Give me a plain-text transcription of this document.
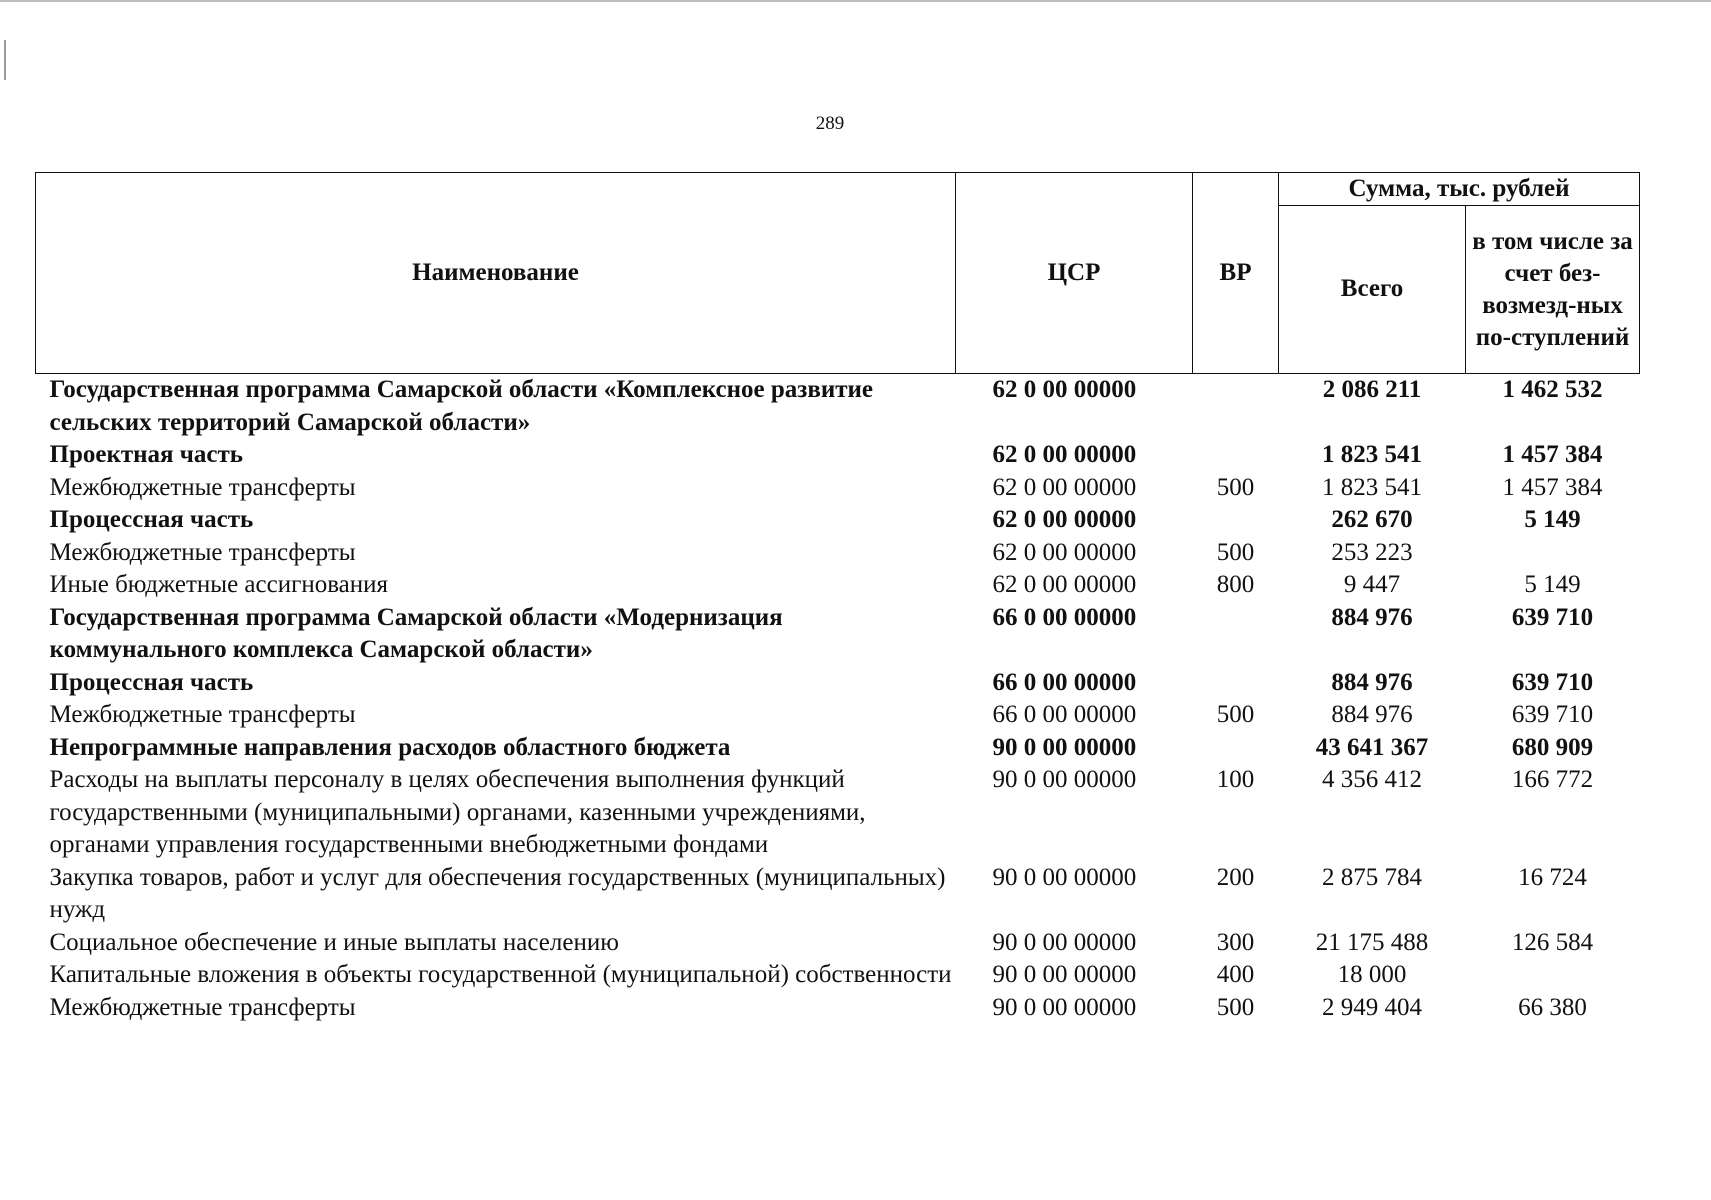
289
Наименование	ЦСР	ВР	Сумма, тыс. рублей	
			Всего	в том числе за счет без-возмезд-ных по-ступлений
Государственная программа Самарской области «Комплексное развитие сельских территорий Самарской области»	62 0 00 00000		2 086 211	1 462 532
Проектная часть	62 0 00 00000		1 823 541	1 457 384
Межбюджетные трансферты	62 0 00 00000	500	1 823 541	1 457 384
Процессная часть	62 0 00 00000		262 670	5 149
Межбюджетные трансферты	62 0 00 00000	500	253 223	
Иные бюджетные ассигнования	62 0 00 00000	800	9 447	5 149
Государственная программа Самарской области «Модернизация коммунального комплекса Самарской области»	66 0 00 00000		884 976	639 710
Процессная часть	66 0 00 00000		884 976	639 710
Межбюджетные трансферты	66 0 00 00000	500	884 976	639 710
Непрограммные направления расходов областного бюджета	90 0 00 00000		43 641 367	680 909
Расходы на выплаты персоналу в целях обеспечения выполнения функций государственными (муниципальными) органами, казенными учреждениями, органами управления государственными внебюджетными фондами	90 0 00 00000	100	4 356 412	166 772
Закупка товаров, работ и услуг для обеспечения государственных (муниципальных) нужд	90 0 00 00000	200	2 875 784	16 724
Социальное обеспечение и иные выплаты населению	90 0 00 00000	300	21 175 488	126 584
Капитальные вложения в объекты государственной (муниципальной) собственности	90 0 00 00000	400	18 000	
Межбюджетные трансферты	90 0 00 00000	500	2 949 404	66 380
